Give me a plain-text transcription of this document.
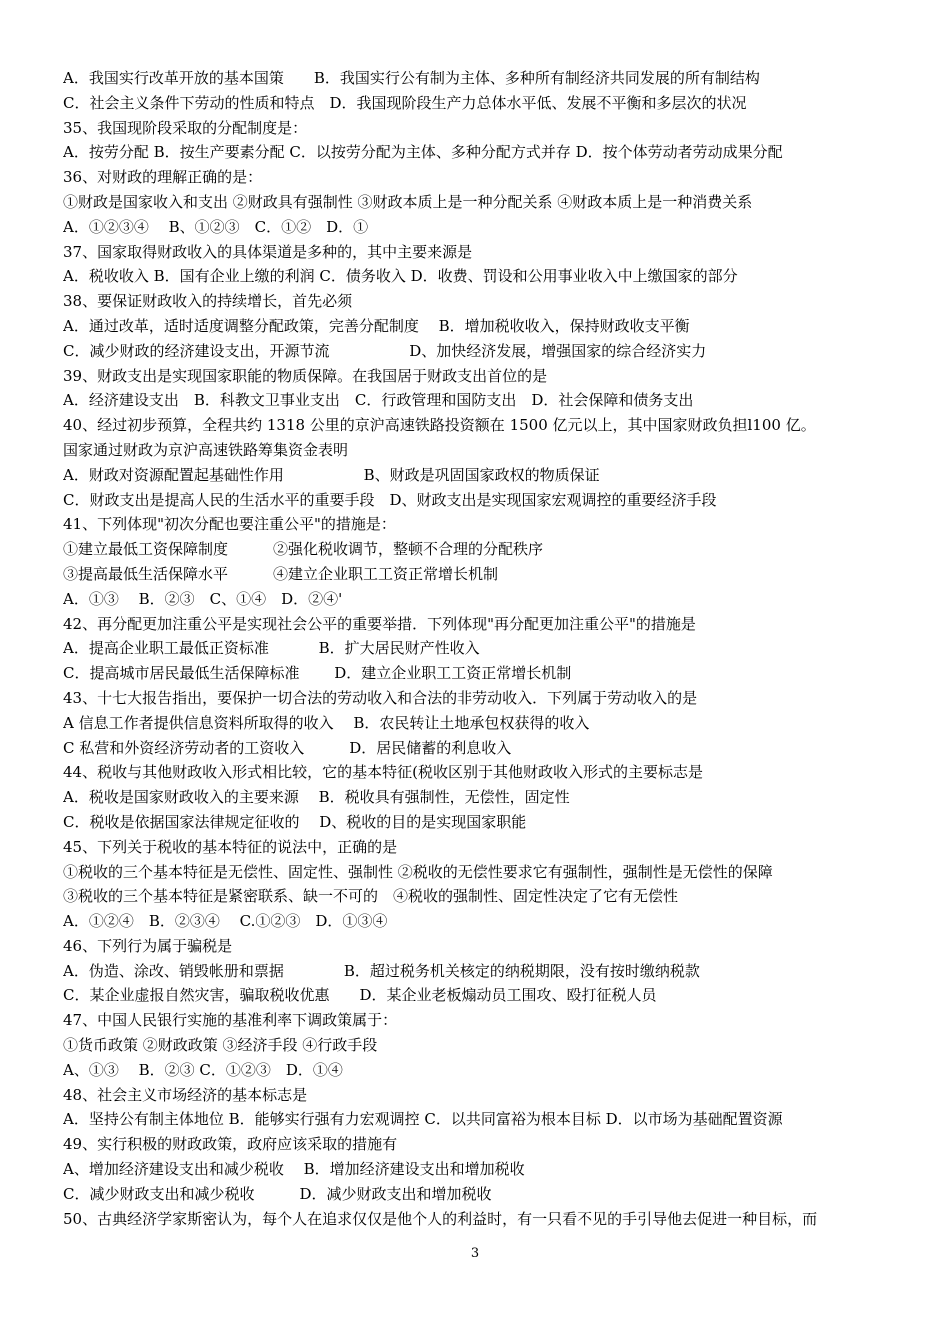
A．我国实行改革开放的基本国策　　B．我国实行公有制为主体、多种所有制经济共同发展的所有制结构
C．社会主义条件下劳动的性质和特点　D．我国现阶段生产力总体水平低、发展不平衡和多层次的状况
35、我国现阶段采取的分配制度是：
A．按劳分配 B．按生产要素分配 C．以按劳分配为主体、多种分配方式并存 D．按个体劳动者劳动成果分配
36、对财政的理解正确的是：
①财政是国家收入和支出 ②财政具有强制性 ③财政本质上是一种分配关系 ④财政本质上是一种消费关系
A．①②③④　 B、①②③　C．①②　D．①
37、国家取得财政收入的具体渠道是多种的，其中主要来源是
A．税收收入 B．国有企业上缴的利润 C．债务收入 D．收费、罚设和公用事业收入中上缴国家的部分
38、要保证财政收入的持续增长，首先必须
A．通过改革，适时适度调整分配政策，完善分配制度　 B．增加税收收入，保持财政收支平衡
C．减少财政的经济建设支出，开源节流　　　　　 D、加快经济发展，增强国家的综合经济实力
39、财政支出是实现国家职能的物质保障。在我国居于财政支出首位的是
A．经济建设支出　B．科教文卫事业支出　C．行政管理和国防支出　D．社会保障和债务支出
40、经过初步预算，全程共约 1318 公里的京沪高速铁路投资额在 1500 亿元以上，其中国家财政负担l100 亿。
国家通过财政为京沪高速铁路筹集资金表明
A．财政对资源配置起基础性作用　　　　　 B、财政是巩固国家政权的物质保证
C．财政支出是提高人民的生活水平的重要手段　D、财政支出是实现国家宏观调控的重要经济手段
41、下列体现"初次分配也要注重公平"的措施是：
①建立最低工资保障制度　　　②强化税收调节，整顿不合理的分配秩序
③提高最低生活保障水平　　　④建立企业职工工资正常增长机制
A．①③　 B．②③　C、①④　D．②④'
42、再分配更加注重公平是实现社会公平的重要举措．下列体现"再分配更加注重公平"的措施是
A．提高企业职工最低正资标准　　　 B．扩大居民财产性收入
C．提高城市居民最低生活保障标准　　 D．建立企业职工工资正常增长机制
43、十七大报告指出，要保护一切合法的劳动收入和合法的非劳动收入．下列属于劳动收入的是
A 信息工作者提供信息资料所取得的收入　 B．农民转让土地承包权获得的收入
C 私营和外资经济劳动者的工资收入　　　D．居民储蓄的利息收入
44、税收与其他财政收入形式相比较，它的基本特征(税收区别于其他财政收入形式的主要标志是
A．税收是国家财政收入的主要来源　 B．税收具有强制性，无偿性，固定性
C．税收是依据国家法律规定征收的　 D、税收的目的是实现国家职能
45、下列关于税收的基本特征的说法中，正确的是
①税收的三个基本特征是无偿性、固定性、强制性 ②税收的无偿性要求它有强制性，强制性是无偿性的保障
③税收的三个基本特征是紧密联系、缺一不可的　④税收的强制性、固定性决定了它有无偿性
A．①②④　B．②③④　 C.①②③　D．①③④
46、下列行为属于骗税是
A．伪造、涂改、销毁帐册和票据　　　　B．超过税务机关核定的纳税期限，没有按时缴纳税款
C．某企业虚报自然灾害，骗取税收优惠　　D．某企业老板煽动员工围攻、殴打征税人员
47、中国人民银行实施的基准利率下调政策属于：
①货币政策 ②财政政策 ③经济手段 ④行政手段
A、①③　 B．②③ C．①②③　D．①④
48、社会主义市场经济的基本标志是
A．坚持公有制主体地位 B．能够实行强有力宏观调控 C．以共同富裕为根本目标 D．以市场为基础配置资源
49、实行积极的财政政策，政府应该采取的措施有
A、增加经济建设支出和减少税收　 B．增加经济建设支出和增加税收
C．减少财政支出和减少税收　　　D．减少财政支出和增加税收
50、古典经济学家斯密认为，每个人在追求仅仅是他个人的利益时，有一只看不见的手引导他去促进一种目标，而
3
